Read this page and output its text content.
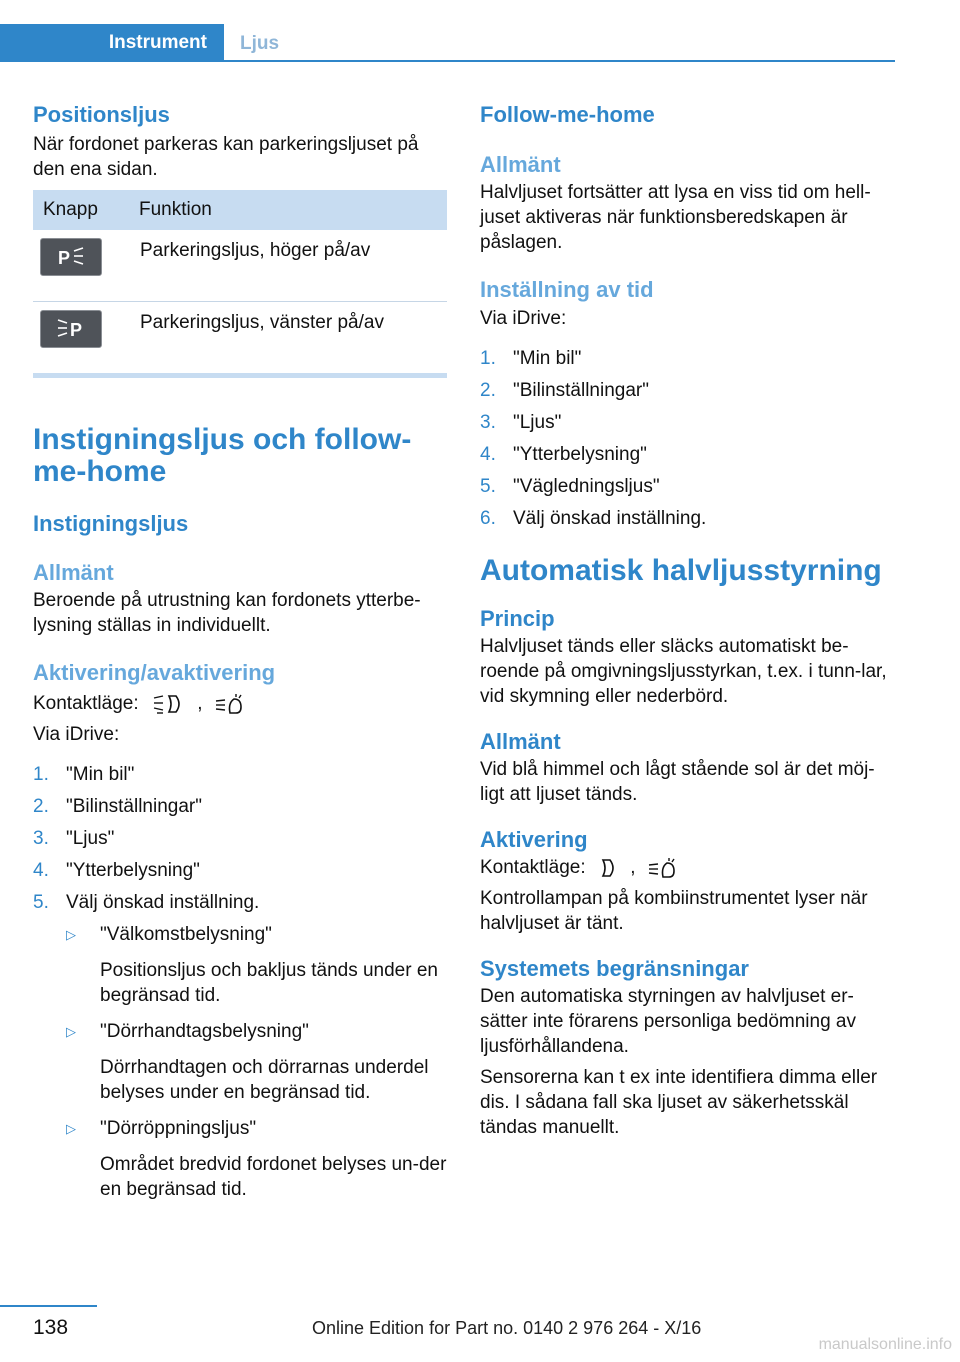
Instrument	Ljus
Positionsljus

När fordonet parkeras kan parkeringsljuset på den ena sidan.

Knapp	Funktion

P	Parkeringsljus, höger på/av

P	Parkeringsljus, vänster på/av
Instigningsljus och follow-me-home
Instigningsljus
Allmänt

Beroende på utrustning kan fordonets ytterbe-lysning ställas in individuellt.

Aktivering/avaktivering

Kontaktläge:	,

Via iDrive:

1. "Min bil"
2. "Bilinställningar"
3. "Ljus"
4. "Ytterbelysning"
5. Välj önskad inställning.
▷	"Välkomstbelysning"
Positionsljus och bakljus tänds under en begränsad tid.
▷	"Dörrhandtagsbelysning"
Dörrhandtagen och dörrarnas underdel belyses under en begränsad tid.
▷	"Dörröppningsljus"
Området bredvid fordonet belyses un-der en begränsad tid.
Follow-me-home
Allmänt

Halvljuset fortsätter att lysa en viss tid om hell-juset aktiveras när funktionsberedskapen är påslagen.

Inställning av tid

Via iDrive:

1. "Min bil"
2. "Bilinställningar"
3. "Ljus"
4. "Ytterbelysning"
5. "Vägledningsljus"
6. Välj önskad inställning.
Automatisk halvljusstyrning
Princip

Halvljuset tänds eller släcks automatiskt be-roende på omgivningsljusstyrkan, t.ex. i tunn-lar, vid skymning eller nederbörd.

Allmänt

Vid blå himmel och lågt stående sol är det möj-ligt att ljuset tänds.

Aktivering

Kontaktläge: ,

Kontrollampan på kombiinstrumentet lyser när halvljuset är tänt.

Systemets begränsningar

Den automatiska styrningen av halvljuset er-sätter inte förarens personliga bedömning av ljusförhållandena.

Sensorerna kan t ex inte identifiera dimma eller dis. I sådana fall ska ljuset av säkerhetsskäl tändas manuellt.

138	Online Edition for Part no. 0140 2 976 264 - X/16
manualsonline.info
